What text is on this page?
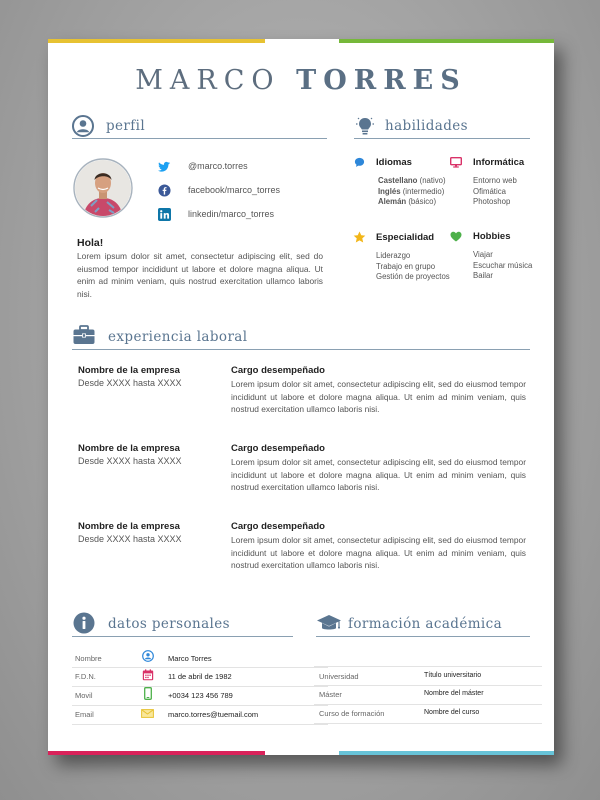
MARCO TORRES
perfil
@marco.torres
facebook/marco_torres
linkedin/marco_torres
Hola!
Lorem ipsum dolor sit amet, consectetur adipiscing elit, sed do eiusmod tempor incididunt ut labore et dolore magna aliqua. Ut enim ad minim veniam, quis nostrud exercitation ullamco laboris nisi.
habilidades
Idiomas
Castellano (nativo)
Inglés (intermedio)
Alemán (básico)
Informática
Entorno web
Ofimática
Photoshop
Especialidad
Liderazgo
Trabajo en grupo
Gestión de proyectos
Hobbies
Viajar
Escuchar música
Bailar
experiencia laboral
Nombre de la empresa
Desde XXXX hasta XXXX
Cargo desempeñado
Lorem ipsum dolor sit amet, consectetur adipiscing elit, sed do eiusmod tempor incididunt ut labore et dolore magna aliqua. Ut enim ad minim veniam, quis nostrud exercitation ullamco laboris nisi.
Nombre de la empresa
Desde XXXX hasta XXXX
Cargo desempeñado
Lorem ipsum dolor sit amet, consectetur adipiscing elit, sed do eiusmod tempor incididunt ut labore et dolore magna aliqua. Ut enim ad minim veniam, quis nostrud exercitation ullamco laboris nisi.
Nombre de la empresa
Desde XXXX hasta XXXX
Cargo desempeñado
Lorem ipsum dolor sit amet, consectetur adipiscing elit, sed do eiusmod tempor incididunt ut labore et dolore magna aliqua. Ut enim ad minim veniam, quis nostrud exercitation ullamco laboris nisi.
datos personales
Nombre	Marco Torres
F.D.N.	11 de abril de 1982
Movil	+0034 123 456 789
Email	marco.torres@tuemail.com
formación académica
Universidad	Título universitario
Máster	Nombre del máster
Curso de formación	Nombre del curso
